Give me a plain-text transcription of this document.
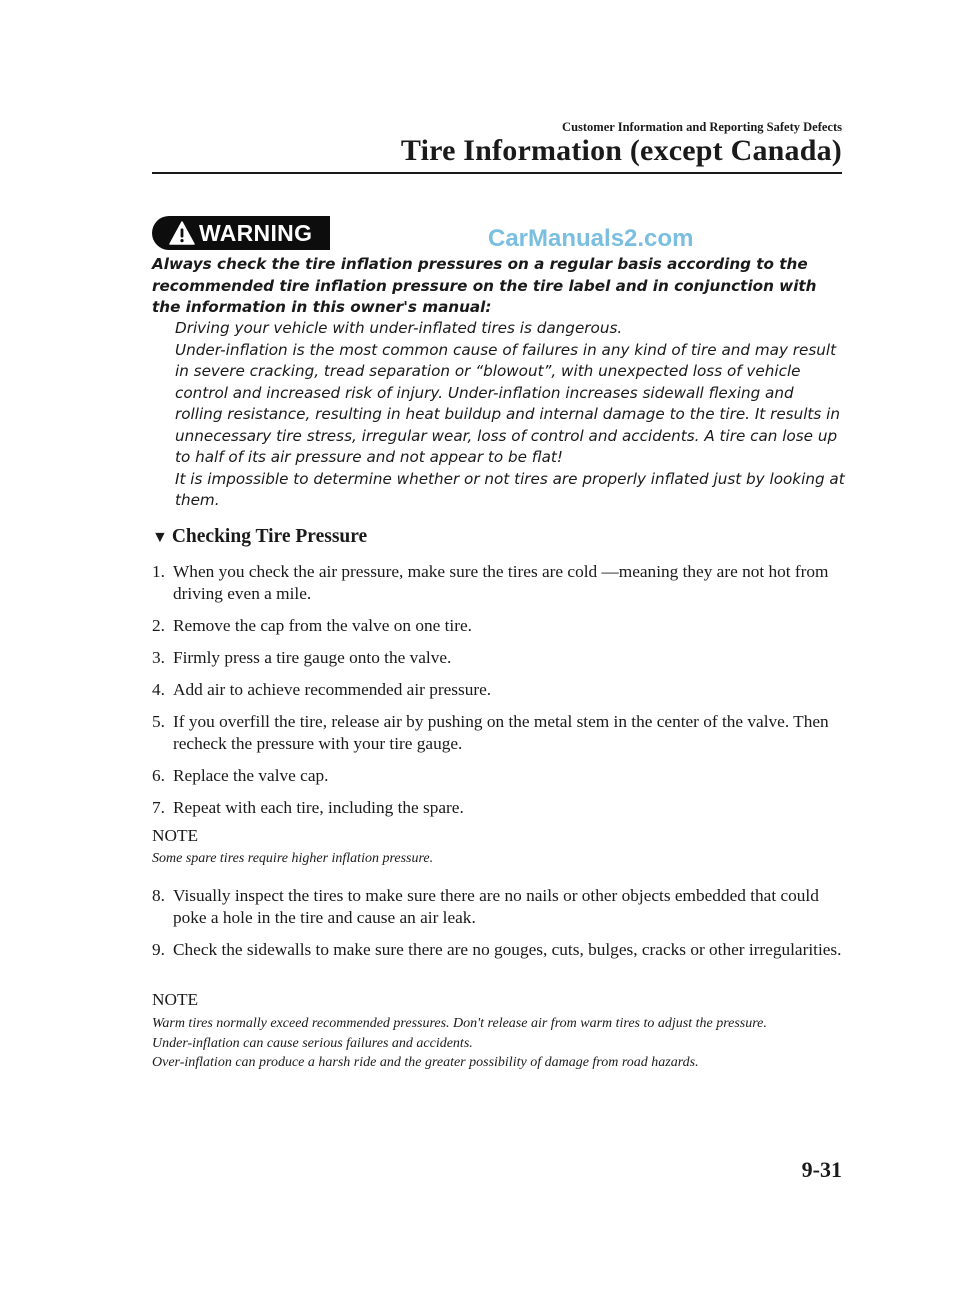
Customer Information and Reporting Safety Defects
Tire Information (except Canada)
WARNING	CarManuals2.com
Always check the tire inflation pressures on a regular basis according to the recommended tire inflation pressure on the tire label and in conjunction with the information in this owner's manual:

Driving your vehicle with under-inflated tires is dangerous.

Under-inflation is the most common cause of failures in any kind of tire and may result in severe cracking, tread separation or “blowout”, with unexpected loss of vehicle control and increased risk of injury. Under-inflation increases sidewall flexing and rolling resistance, resulting in heat buildup and internal damage to the tire. It results in unnecessary tire stress, irregular wear, loss of control and accidents. A tire can lose up to half of its air pressure and not appear to be flat!

It is impossible to determine whether or not tires are properly inflated just by looking at them.

▼ Checking Tire Pressure
1. When you check the air pressure, make sure the tires are cold —meaning they are not hot from driving even a mile.
2. Remove the cap from the valve on one tire.
3. Firmly press a tire gauge onto the valve.
4. Add air to achieve recommended air pressure.
5. If you overfill the tire, release air by pushing on the metal stem in the center of the valve. Then recheck the pressure with your tire gauge.
6. Replace the valve cap.
7. Repeat with each tire, including the spare.
NOTE

Some spare tires require higher inflation pressure.

8. Visually inspect the tires to make sure there are no nails or other objects embedded that could poke a hole in the tire and cause an air leak.
9. Check the sidewalls to make sure there are no gouges, cuts, bulges, cracks or other irregularities.
NOTE

Warm tires normally exceed recommended pressures. Don't release air from warm tires to adjust the pressure.

Under-inflation can cause serious failures and accidents.

Over-inflation can produce a harsh ride and the greater possibility of damage from road hazards.

9-31
